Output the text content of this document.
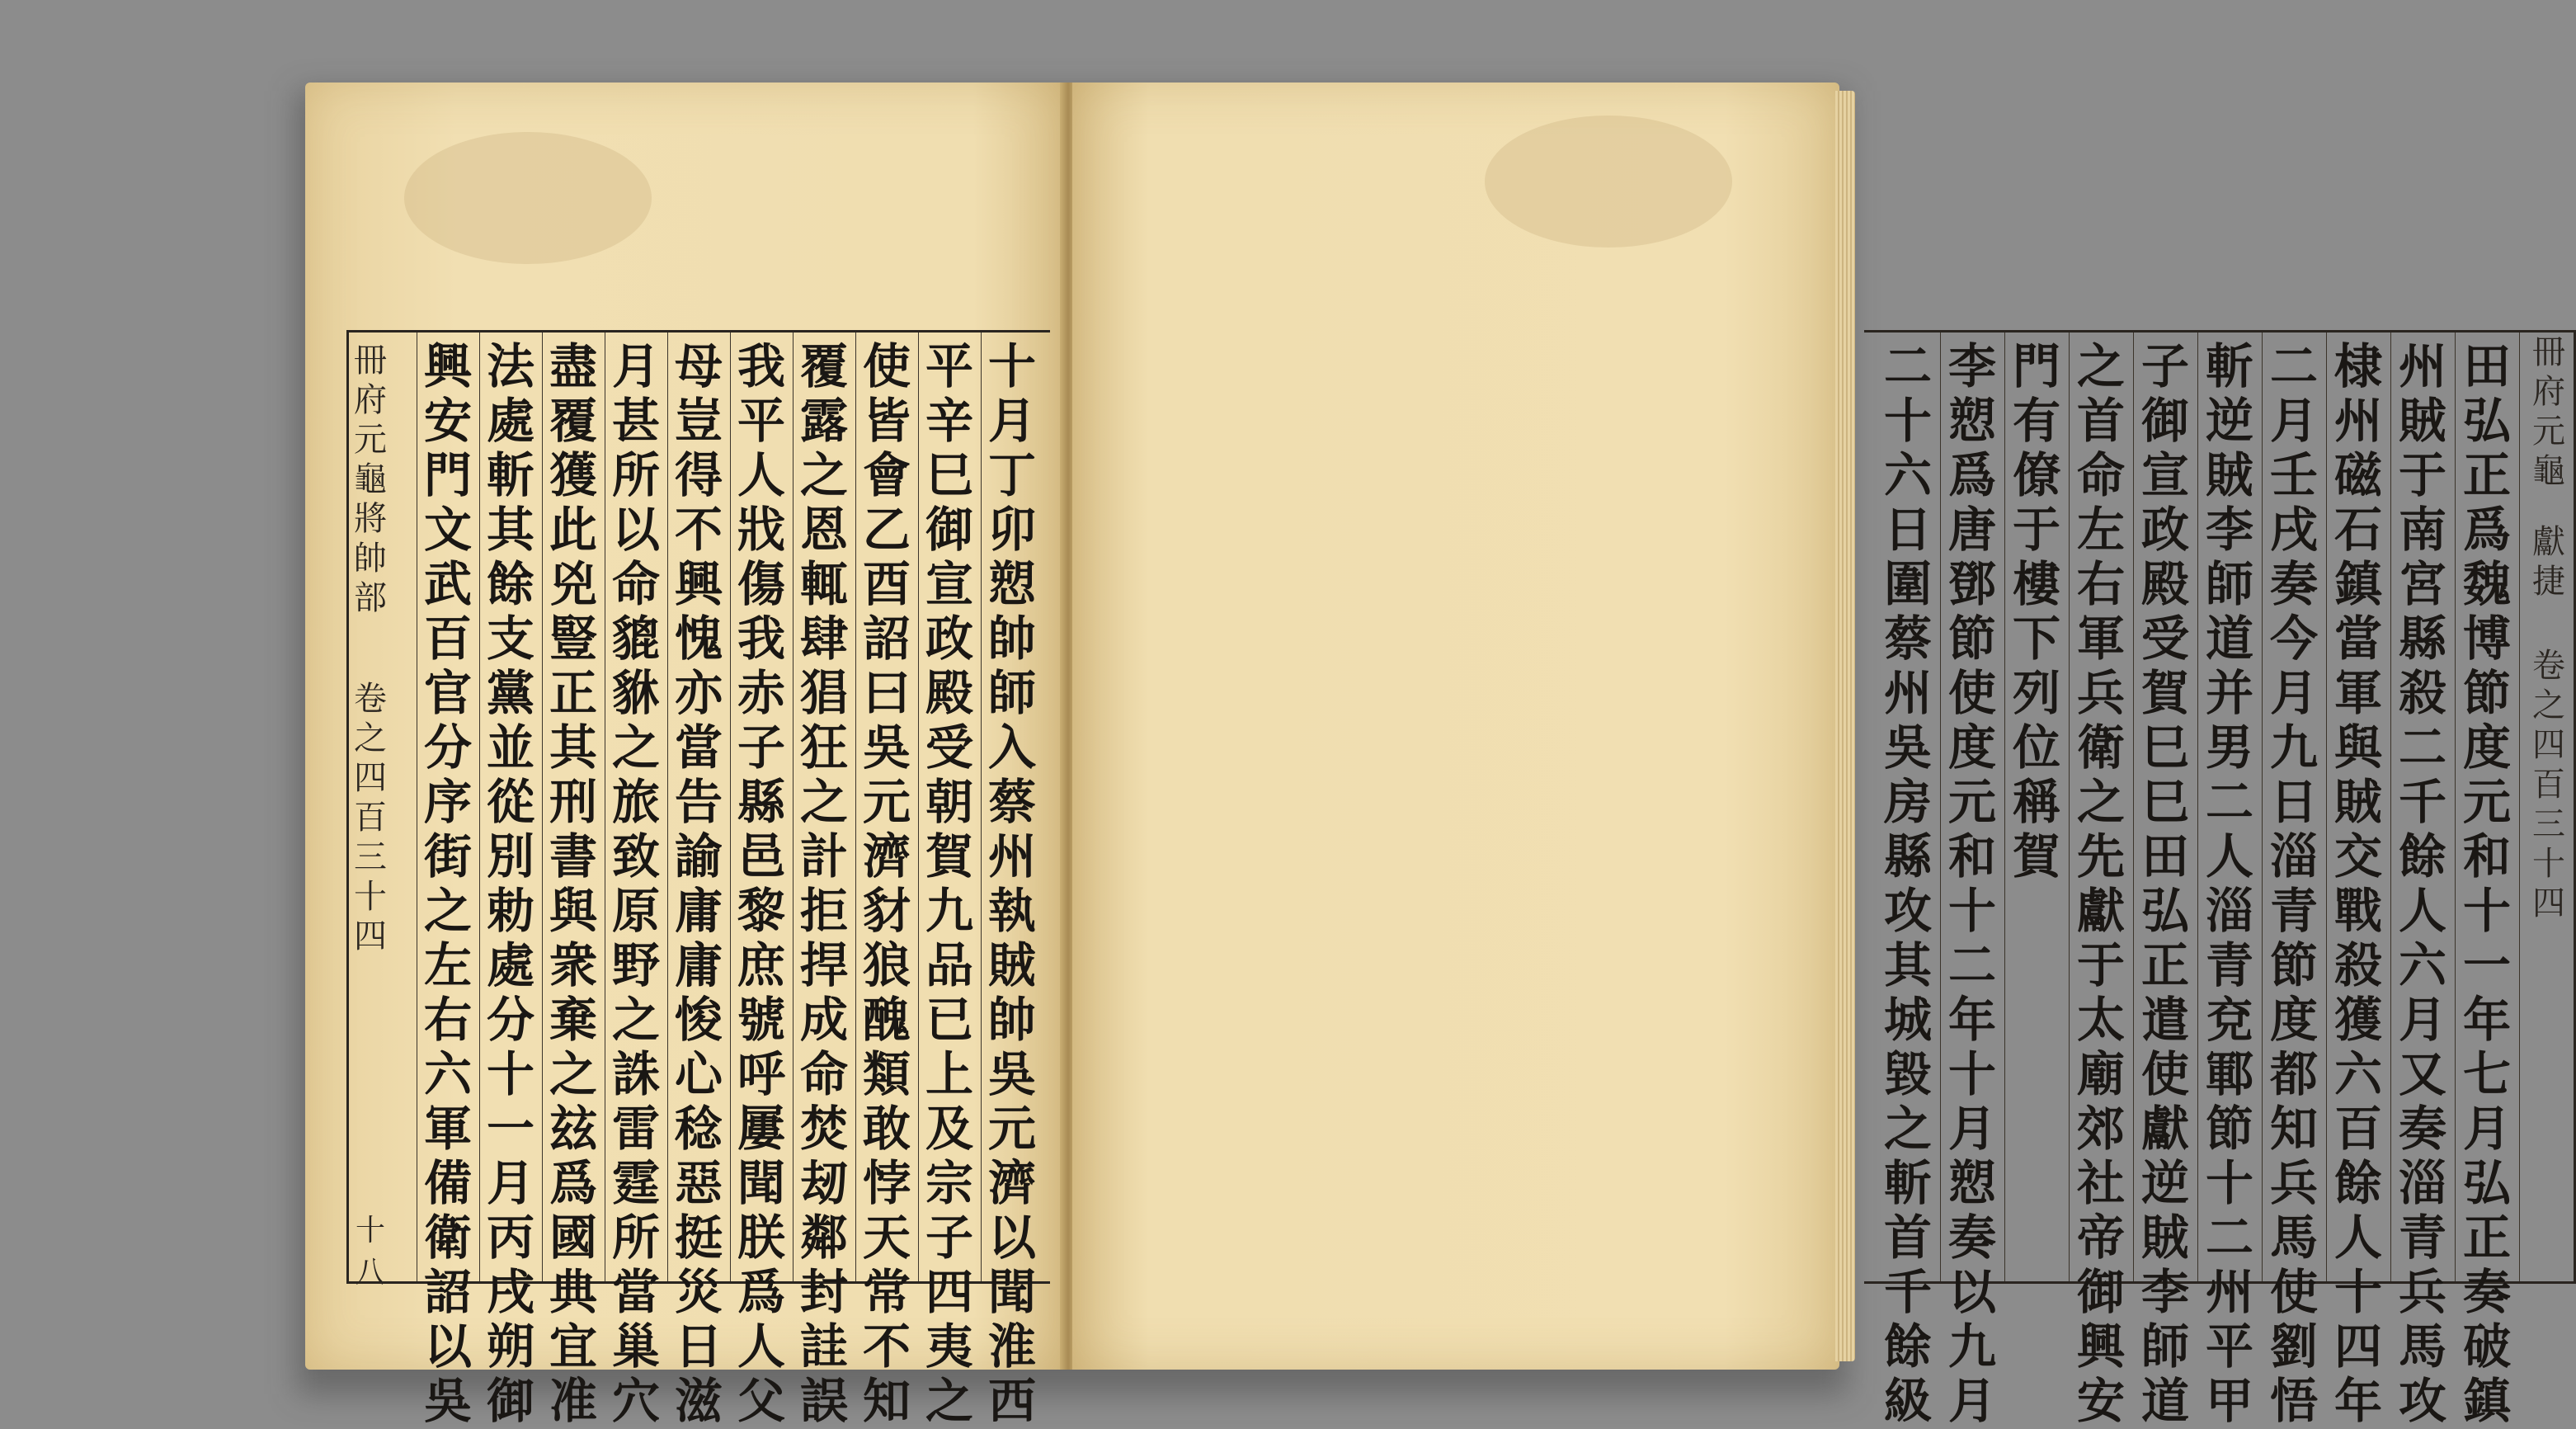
十
月
丁
卯
愬
帥
師
入
蔡
州
執
賊
帥
吳
元
濟
以
聞
淮
西
平
辛
巳
御
宣
政
殿
受
朝
賀
九
品
已
上
及
宗
子
四
夷
之
使
皆
會
乙
酉
詔
曰
吳
元
濟
豺
狼
醜
類
敢
悖
天
常
不
知
覆
露
之
恩
輒
肆
猖
狂
之
計
拒
捍
成
命
焚
刼
鄰
封
詿
誤
我
平
人
戕
傷
我
赤
子
縣
邑
黎
庶
號
呼
屢
聞
朕
爲
人
父
母
豈
得
不
興
愧
亦
當
告
諭
庸
庸
悛
心
稔
惡
挺
災
日
滋
月
甚
所
以
命
貔
貅
之
旅
致
原
野
之
誅
雷
霆
所
當
巢
穴
盡
覆
獲
此
兇
豎
正
其
刑
書
與
衆
棄
之
玆
爲
國
典
宜
准
法
處
斬
其
餘
支
黨
並
從
別
勅
處
分
十
一
月
丙
戌
朔
御
興
安
門
文
武
百
官
分
序
街
之
左
右
六
軍
備
衛
詔
以
吳
冊
府
元
龜
將
帥
部
卷
之
四
百
三
十
四
十
八
田
弘
正
爲
魏
博
節
度
元
和
十
一
年
七
月
弘
正
奏
破
鎮
州
賊
于
南
宮
縣
殺
二
千
餘
人
六
月
又
奏
淄
青
兵
馬
攻
棣
州
磁
石
鎮
當
軍
與
賊
交
戰
殺
獲
六
百
餘
人
十
四
年
二
月
壬
戌
奏
今
月
九
日
淄
青
節
度
都
知
兵
馬
使
劉
悟
斬
逆
賊
李
師
道
并
男
二
人
淄
青
兗
鄆
節
十
二
州
平
甲
子
御
宣
政
殿
受
賀
巳
巳
田
弘
正
遣
使
獻
逆
賊
李
師
道
之
首
命
左
右
軍
兵
衛
之
先
獻
于
太
廟
郊
社
帝
御
興
安
門
有
僚
于
樓
下
列
位
稱
賀
李
愬
爲
唐
鄧
節
使
度
元
和
十
二
年
十
月
愬
奏
以
九
月
二
十
六
日
圍
蔡
州
吳
房
縣
攻
其
城
毀
之
斬
首
千
餘
級
冊
府
元
龜
獻
捷
卷
之
四
百
三
十
四
